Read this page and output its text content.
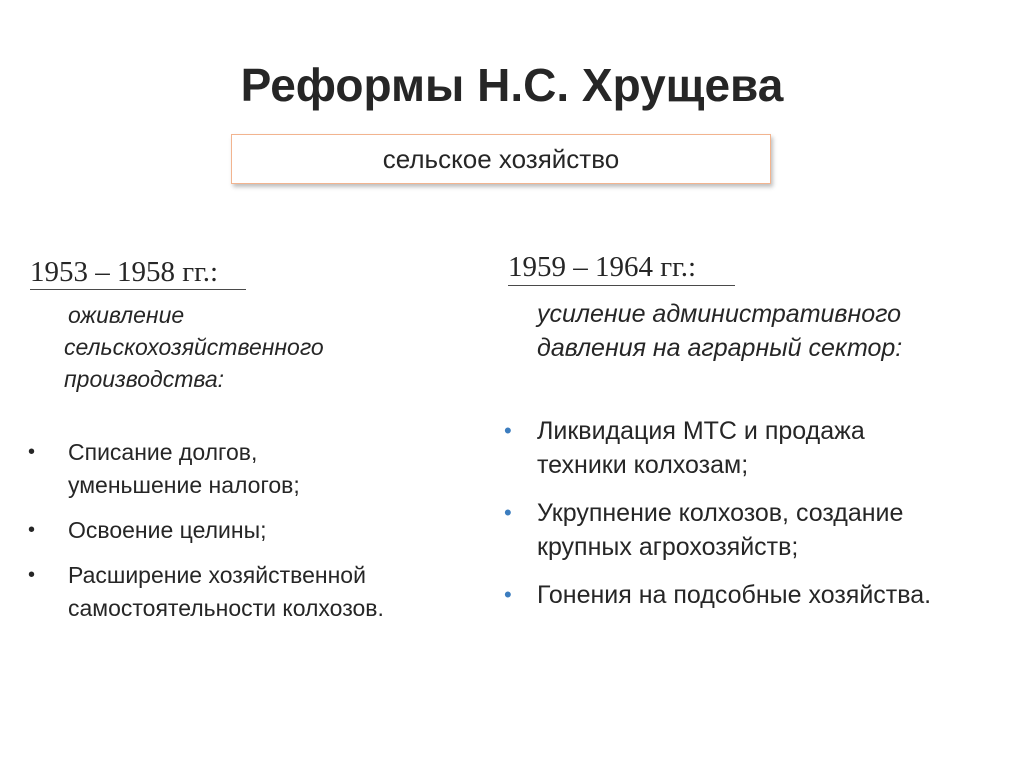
Реформы Н.С. Хрущева
сельское хозяйство
1953 – 1958 гг.:
оживление
сельскохозяйственного
производства:
• Списание долгов,
уменьшение налогов;
• Освоение целины;
• Расширение хозяйственной
самостоятельности колхозов.
1959 – 1964 гг.:
усиление административного
давления на аграрный сектор:
• Ликвидация МТС и продажа
техники колхозам;
• Укрупнение колхозов, создание
крупных агрохозяйств;
• Гонения на подсобные хозяйства.
